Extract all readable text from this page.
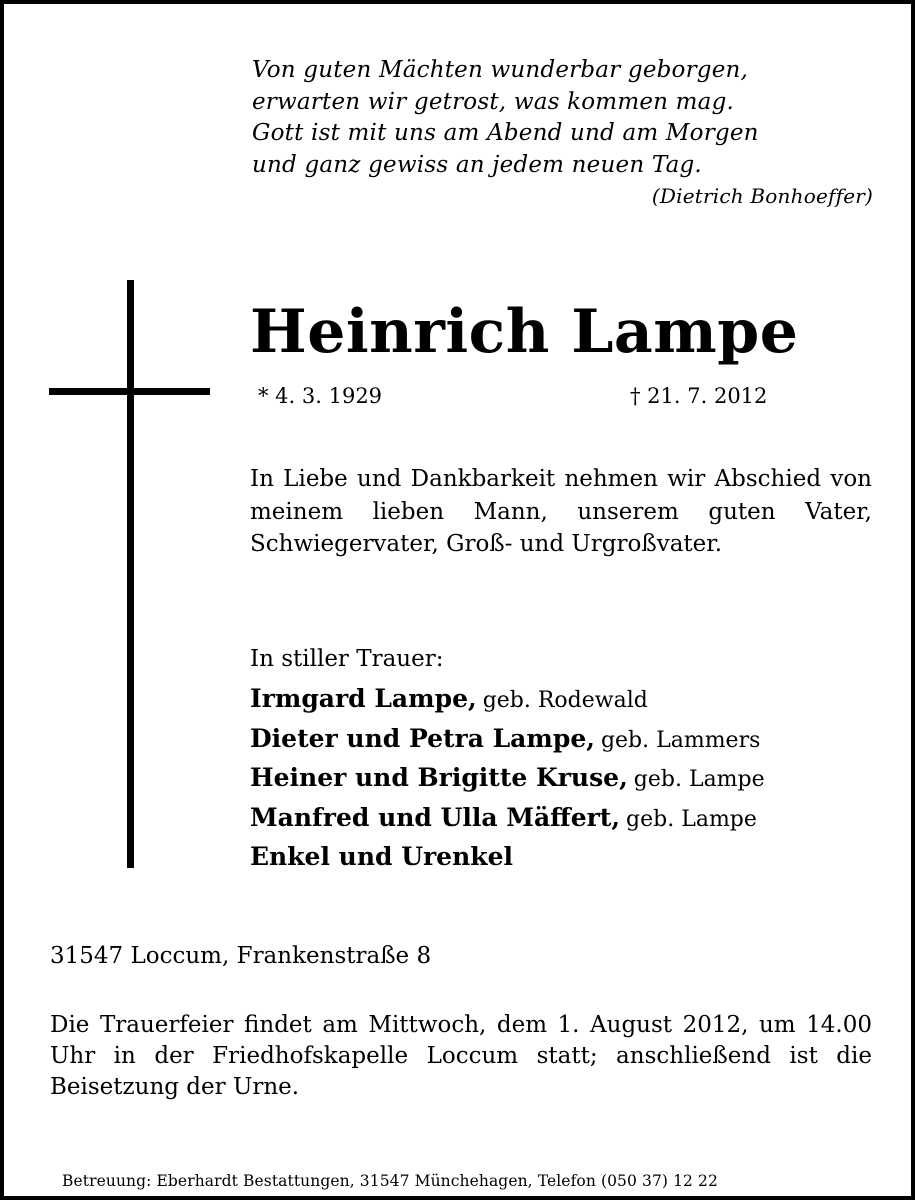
Von guten Mächten wunderbar geborgen,
erwarten wir getrost, was kommen mag.
Gott ist mit uns am Abend und am Morgen
und ganz gewiss an jedem neuen Tag.
(Dietrich Bonhoeffer)
Heinrich Lampe
* 4. 3. 1929	† 21. 7. 2012
In Liebe und Dankbarkeit nehmen wir Abschied von meinem lieben Mann, unserem guten Vater, Schwiegervater, Groß- und Urgroßvater.
In stiller Trauer:
Irmgard Lampe, geb. Rodewald
Dieter und Petra Lampe, geb. Lammers
Heiner und Brigitte Kruse, geb. Lampe
Manfred und Ulla Mäffert, geb. Lampe
Enkel und Urenkel
31547 Loccum, Frankenstraße 8
Die Trauerfeier findet am Mittwoch, dem 1. August 2012, um 14.00 Uhr in der Friedhofskapelle Loccum statt; anschließend ist die Beisetzung der Urne.
Betreuung: Eberhardt Bestattungen, 31547 Münchehagen, Telefon (050 37) 12 22
